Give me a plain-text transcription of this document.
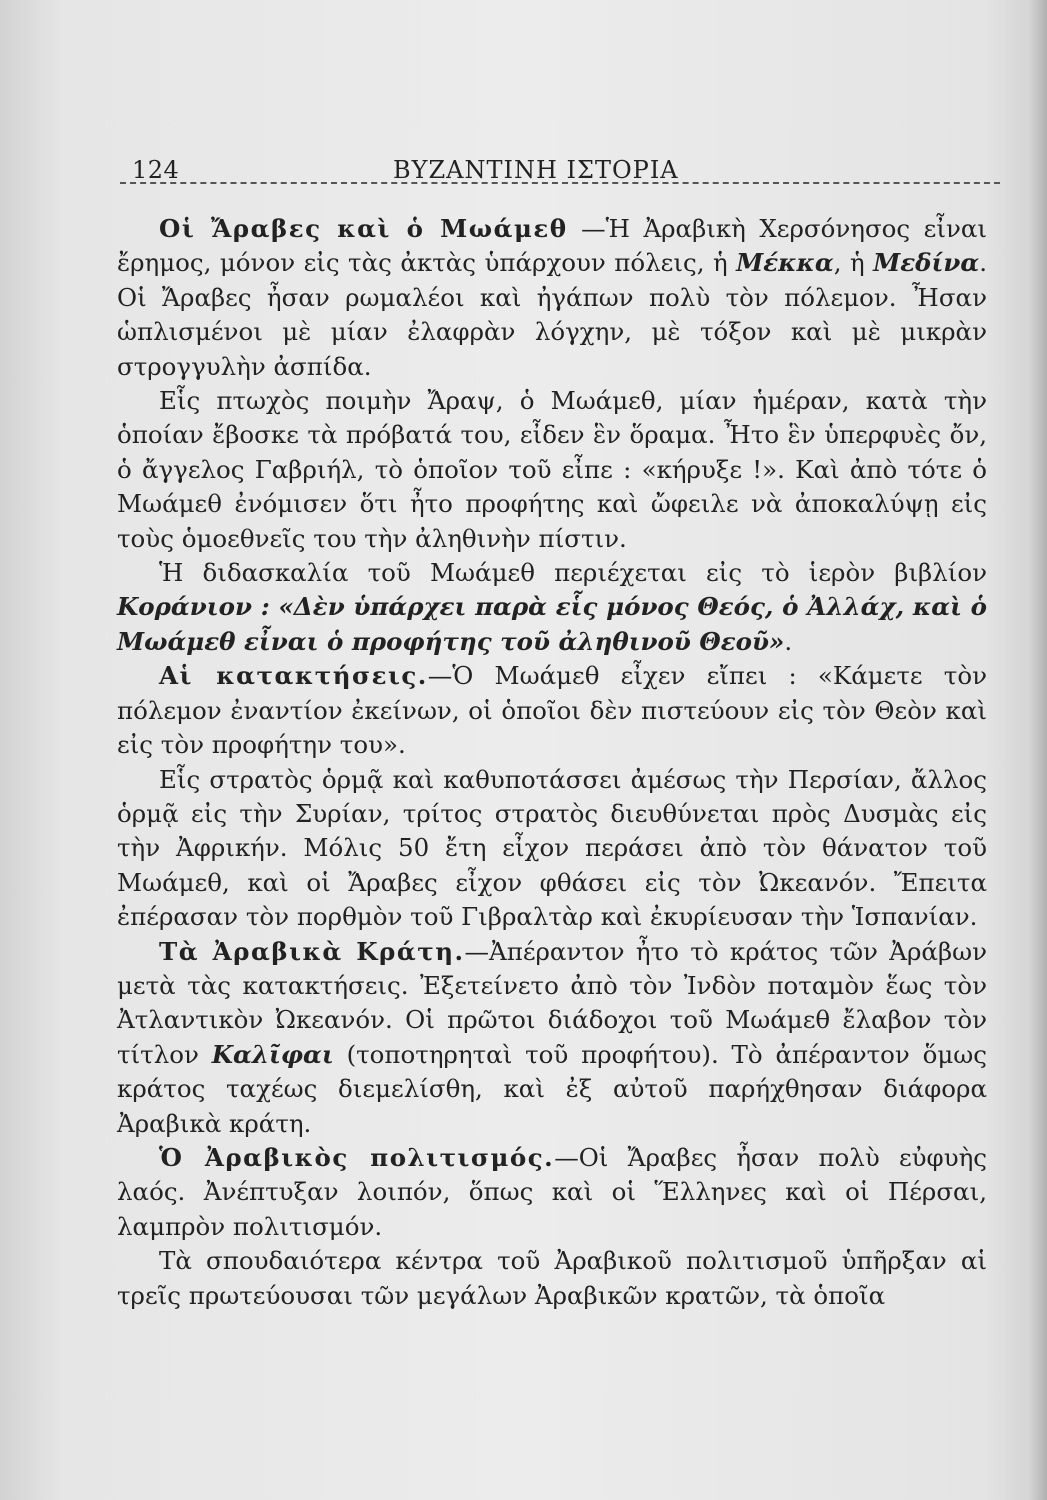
124	ΒΥΖΑΝΤΙΝΗ ΙΣΤΟΡΙΑ

Οἱ Ἄραβες καὶ ὁ Μωάμεθ —Ἡ Ἀραβικὴ Χερσόνησος εἶναι ἔρημος, μόνον εἰς τὰς ἀκτὰς ὑπάρχουν πόλεις, ἡ Μέκκα, ἡ Μεδίνα. Οἱ Ἄραβες ἦσαν ρωμαλέοι καὶ ἠγάπων πολὺ τὸν πόλεμον. Ἦσαν ὡπλισμένοι μὲ μίαν ἐλαφρὰν λόγχην, μὲ τόξον καὶ μὲ μικρὰν στρογγυλὴν ἀσπίδα.

Εἷς πτωχὸς ποιμὴν Ἄραψ, ὁ Μωάμεθ, μίαν ἡμέραν, κατὰ τὴν ὁποίαν ἔβοσκε τὰ πρόβατά του, εἶδεν ἓν ὅραμα. Ἦτο ἓν ὑπερφυὲς ὄν, ὁ ἄγγελος Γαβριήλ, τὸ ὁποῖον τοῦ εἶπε : «κήρυξε !». Καὶ ἀπὸ τότε ὁ Μωάμεθ ἐνόμισεν ὅτι ἦτο προφήτης καὶ ὤφειλε νὰ ἀποκαλύψῃ εἰς τοὺς ὁμοεθνεῖς του τὴν ἀληθινὴν πίστιν.

Ἡ διδασκαλία τοῦ Μωάμεθ περιέχεται εἰς τὸ ἱερὸν βιβλίον Κοράνιον : «Δὲν ὑπάρχει παρὰ εἷς μόνος Θεός, ὁ Ἀλλάχ, καὶ ὁ Μωάμεθ εἶναι ὁ προφήτης τοῦ ἀληθινοῦ Θεοῦ».

Αἱ κατακτήσεις.—Ὁ Μωάμεθ εἶχεν εἴπει : «Κάμετε τὸν πόλεμον ἐναντίον ἐκείνων, οἱ ὁποῖοι δὲν πιστεύουν εἰς τὸν Θεὸν καὶ εἰς τὸν προφήτην του».

Εἷς στρατὸς ὁρμᾷ καὶ καθυποτάσσει ἀμέσως τὴν Περσίαν, ἄλλος ὁρμᾷ εἰς τὴν Συρίαν, τρίτος στρατὸς διευθύνεται πρὸς Δυσμὰς εἰς τὴν Ἀφρικήν. Μόλις 50 ἔτη εἶχον περάσει ἀπὸ τὸν θάνατον τοῦ Μωάμεθ, καὶ οἱ Ἄραβες εἶχον φθάσει εἰς τὸν Ὠκεανόν. Ἔπειτα ἐπέρασαν τὸν πορθμὸν τοῦ Γιβραλτὰρ καὶ ἐκυρίευσαν τὴν Ἱσπανίαν.

Τὰ Ἀραβικὰ Κράτη.—Ἀπέραντον ἦτο τὸ κράτος τῶν Ἀράβων μετὰ τὰς κατακτήσεις. Ἐξετείνετο ἀπὸ τὸν Ἰνδὸν ποταμὸν ἕως τὸν Ἀτλαντικὸν Ὠκεανόν. Οἱ πρῶτοι διάδοχοι τοῦ Μωάμεθ ἔλαβον τὸν τίτλον Καλῖφαι (τοποτηρηταὶ τοῦ προφήτου). Τὸ ἀπέραντον ὅμως κράτος ταχέως διεμελίσθη, καὶ ἐξ αὐτοῦ παρήχθησαν διάφορα Ἀραβικὰ κράτη.

Ὁ Ἀραβικὸς πολιτισμός.—Οἱ Ἄραβες ἦσαν πολὺ εὐφυὴς λαός. Ἀνέπτυξαν λοιπόν, ὅπως καὶ οἱ Ἕλληνες καὶ οἱ Πέρσαι, λαμπρὸν πολιτισμόν.

Τὰ σπουδαιότερα κέντρα τοῦ Ἀραβικοῦ πολιτισμοῦ ὑπῆρξαν αἱ τρεῖς πρωτεύουσαι τῶν μεγάλων Ἀραβικῶν κρατῶν, τὰ ὁποῖα
